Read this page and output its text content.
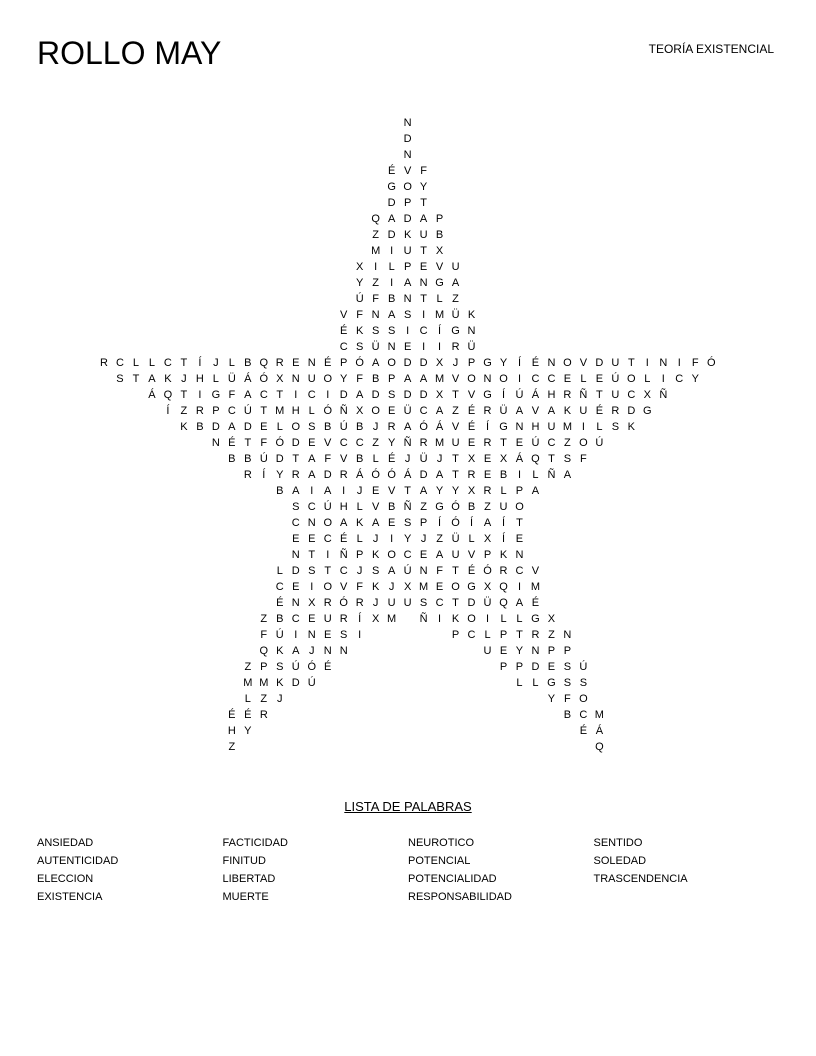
ROLLO MAY	TEORÍA EXISTENCIAL
N
D
N
É V F
G O Y
D P T
Q A D A P
Z D K U B
M I U T X
X I	L P E V U
Y Z	I A N G A
Ú F B N T L Z
V F N A S I M Ü K
É K S S I C Í G N
C S Ü N E I	I R Ü
R C L L C T	Í	J L B Q R E N É P Ó A O D D X J P G Y Í É N O V D U T	I N I	F Ó
S T A K J H L Ü Á Ó X N U O Y F B P A A M V O N O I C C E L E Ú O L	I C Y
Á Q T	I G F A C T	I C I D A D S D D X T V G Í Ú Á H R Ñ T U C X Ñ
Í	Z R P C Ú T M H L Ó Ñ X O E Ü C A Z É R Ü A V A K U É R D G
K B D A D E L O S B Ú B J R A Ó Á V É Í G N H U M I	L S K
N É T F Ó D E V C C Z Y Ñ R M U E R T E Ú C Z O Ú
B B Ú D T A F V B L É J Ü J T X E X Á Q T S F
R Í Y R A D R Á Ó Ó Á D A T R E B I	L Ñ A
B A I A I	J E V T A Y Y X R L P A
S C Ú H L V B Ñ Z G Ó B Z U O
C N O A K A E S P Í Ó Í A Í	T
E E C É L J	I Y J Z Ü L X Í E
N T	I Ñ P K O C E A U V P K N
L D S T C J S A Ú N F T É Ó R C V
C E I O V F K J X M E O G X Q I M
É N X R Ó R J U U S C T D Ü Q A É
Z B C E U R Í X M	Ñ I K O I	L L G X
F Ú I N E S I	P C L P T R Z N
Q K A J N N	U E Y N P P
Z P S Ú Ó É	P P D E S Ú
M M K D Ú	L L G S S
L Z J	Y F O
É É R	B C M
H Y	É Á
Z	Q
LISTA DE PALABRAS
ANSIEDAD
AUTENTICIDAD
ELECCION
EXISTENCIA
FACTICIDAD
FINITUD
LIBERTAD
MUERTE
NEUROTICO
POTENCIAL
POTENCIALIDAD
RESPONSABILIDAD
SENTIDO
SOLEDAD
TRASCENDENCIA
